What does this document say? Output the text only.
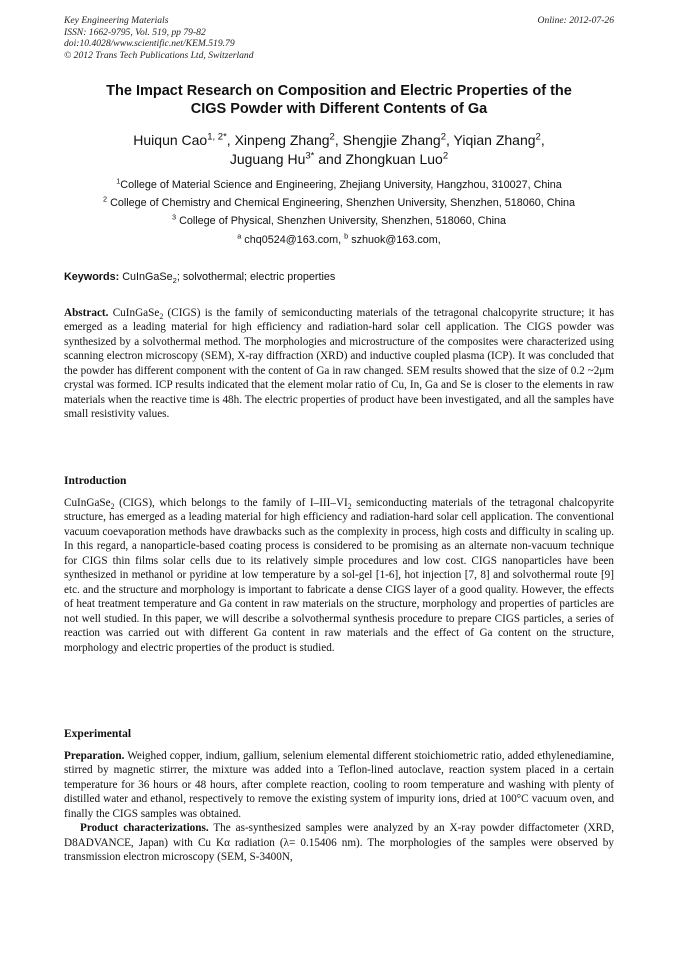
Key Engineering Materials
ISSN: 1662-9795, Vol. 519, pp 79-82
doi:10.4028/www.scientific.net/KEM.519.79
© 2012 Trans Tech Publications Ltd, Switzerland
Online: 2012-07-26
The Impact Research on Composition and Electric Properties of the
CIGS Powder with Different Contents of Ga
Huiqun Cao$^{1, 2*}$, Xinpeng Zhang$^2$, Shengjie Zhang$^2$, Yiqian Zhang$^2$,
Juguang $Hu^{3*}$ and Zhongkuan Luo$^2$
$^1$College of Material Science and Engineering, Zhejiang University, Hangzhou, 310027, China
$^2$ College of Chemistry and Chemical Engineering, Shenzhen University, Shenzhen, 518060, China
$^3$ College of Physical, Shenzhen University, Shenzhen, 518060, China
$^a$ chq0524@163.com, $^b$ szhuok@163.com,
Keywords: CuInGaSe$_2$; solvothermal; electric properties

Abstract. CuInGaSe$_2$ (CIGS) is the family of semiconducting materials of the tetragonal chalcopyrite structure; it has emerged as a leading material for high efficiency and radiation-hard solar cell application. The CIGS powder was synthesized by a solvothermal method. The morphologies and microstructure of the composites were characterized using scanning electron microscopy (SEM), X-ray diffraction (XRD) and inductive coupled plasma (ICP). It was concluded that the powder has different component with the content of Ga in raw changed. SEM results showed that the size of 0.2 ~2μm crystal was formed. ICP results indicated that the element molar ratio of Cu, In, Ga and Se is closer to the elements in raw materials when the reactive time is 48h. The electric properties of product have been investigated, and all the samples have small resistivity values.

Introduction

CuInGaSe$_2$ (CIGS), which belongs to the family of $I-III-VI_2$ semiconducting materials of the tetragonal chalcopyrite structure, has emerged as a leading material for high efficiency and radiation-hard solar cell application. The conventional vacuum coevaporation methods have drawbacks such as the complexity in process, high costs and difficulty in scaling up. In this regard, a nanoparticle-based coating process is considered to be promising as an alternate non-vacuum technique for CIGS thin films solar cells due to its relatively simple procedures and low cost. CIGS nanoparticles have been synthesized in methanol or pyridine at low temperature by a sol-gel [1-6], hot injection [7, 8] and solvothermal route [9] etc. and the structure and morphology is important to fabricate a dense CIGS layer of a good quality. However, the effects of heat treatment temperature and Ga content in raw materials on the structure, morphology and properties of particles are not well studied. In this paper, we will describe a solvothermal synthesis procedure to prepare CIGS particles, a series of reaction was carried out with different Ga content in raw materials and the effect of Ga content on the structure, morphology and electric properties of the product is studied.

Experimental

Preparation. Weighed copper, indium, gallium, selenium elemental different stoichiometric ratio, added ethylenediamine, stirred by magnetic stirrer, the mixture was added into a Teflon-lined autoclave, reaction system placed in a certain temperature for 36 hours or 48 hours, after complete reaction, cooling to room temperature and washing with plenty of distilled water and ethanol, respectively to remove the existing system of impurity ions, dried at 100°C vacuum oven, and finally the CIGS samples was obtained.

Product characterizations. The as-synthesized samples were analyzed by an X-ray powder diffactometer (XRD, D8ADVANCE, Japan) with Cu Kα radiation (λ= 0.15406 nm). The morphologies of the samples were observed by transmission electron microscopy (SEM, S-3400N,
